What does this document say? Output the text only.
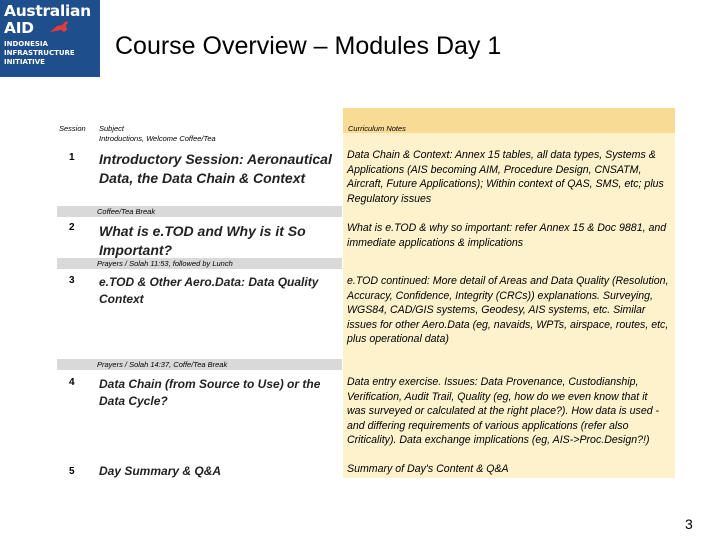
Australian
AID
INDONESIA
INFRASTRUCTURE
INITIATIVE
Course Overview – Modules Day 1
Session Subject	Curriculum Notes
Introductions, Welcome Coffee/Tea
1 Introductory Session: Aeronautical Data, the Data Chain & Context
Data Chain & Context: Annex 15 tables, all data types, Systems & Applications (AIS becoming AIM, Procedure Design, CNSATM, Aircraft, Future Applications); Within context of QAS, SMS, etc; plus Regulatory issues
Coffee/Tea Break
2 What is e.TOD and Why is it So Important?
What is e.TOD & why so important: refer Annex 15 & Doc 9881, and immediate applications & implications
Prayers / Solah 11:53, followed by Lunch
3 e.TOD & Other Aero.Data: Data Quality Context
e.TOD continued: More detail of Areas and Data Quality (Resolution, Accuracy, Confidence, Integrity (CRCs)) explanations. Surveying, WGS84, CAD/GIS systems, Geodesy, AIS systems, etc. Similar issues for other Aero.Data (eg, navaids, WPTs, airspace, routes, etc, plus operational data)
Prayers / Solah 14:37, Coffe/Tea Break
4 Data Chain (from Source to Use) or the Data Cycle?
Data entry exercise. Issues: Data Provenance, Custodianship, Verification, Audit Trail, Quality (eg, how do we even know that it was surveyed or calculated at the right place?). How data is used - and differing requirements of various applications (refer also Criticality). Data exchange implications (eg, AIS->Proc.Design?!)
5 Day Summary & Q&A	Summary of Day's Content & Q&A
3
